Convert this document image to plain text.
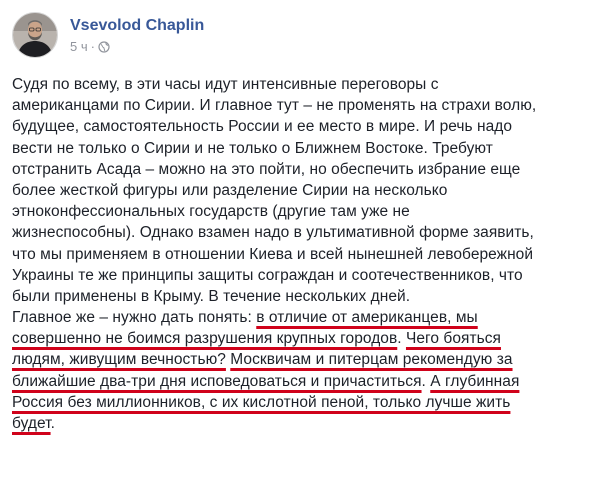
Vsevolod Chaplin
5 ч ·
Судя по всему, в эти часы идут интенсивные переговоры с
американцами по Сирии. И главное тут – не променять на страхи волю,
будущее, самостоятельность России и ее место в мире. И речь надо
вести не только о Сирии и не только о Ближнем Востоке. Требуют
отстранить Асада – можно на это пойти, но обеспечить избрание еще
более жесткой фигуры или разделение Сирии на несколько
этноконфессиональных государств (другие там уже не
жизнеспособны). Однако взамен надо в ультимативной форме заявить,
что мы применяем в отношении Киева и всей нынешней левобережной
Украины те же принципы защиты сограждан и соотечественников, что
были применены в Крыму. В течение нескольких дней.
Главное же – нужно дать понять: в отличие от американцев, мы
совершенно не боимся разрушения крупных городов. Чего бояться
людям, живущим вечностью? Москвичам и питерцам рекомендую за
ближайшие два-три дня исповедоваться и причаститься. А глубинная
Россия без миллионников, с их кислотной пеной, только лучше жить
будет.
